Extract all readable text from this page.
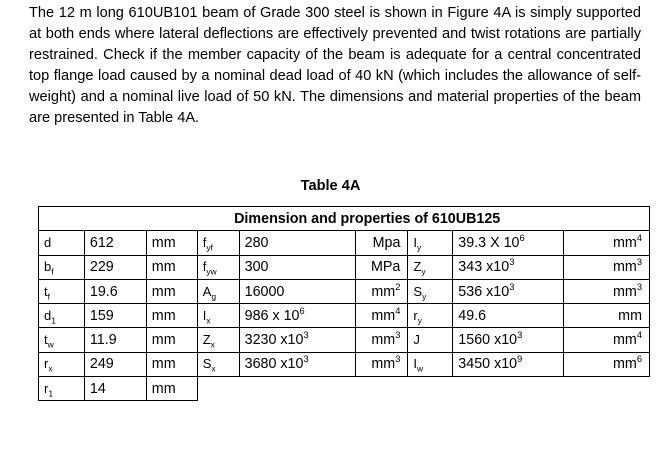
The 12 m long 610UB101 beam of Grade 300 steel is shown in Figure 4A is simply supported at both ends where lateral deflections are effectively prevented and twist rotations are partially restrained. Check if the member capacity of the beam is adequate for a central concentrated top flange load caused by a nominal dead load of 40 kN (which includes the allowance of self-weight) and a nominal live load of 50 kN. The dimensions and material properties of the beam are presented in Table 4A.

Table 4A

	Dimension and properties of 610UB125							
d	612	mm	$f_{yf}$	280	Mpa	$I_y$	39.3 X $10^6$	$mm^4$
$b_f$	229	mm	$f_{yw}$	300	MPa	$Z_y$	343 $x10^3$	$mm^3$
$t_f$	19.6	mm	$A_g$	16000	$mm^2$	$S_y$	536 $x10^3$	$mm^3$
$d_1$	159	mm	$I_x$	986 x $10^6$	$mm^4$	$r_y$	49.6	mm
$t_w$	11.9	mm	$Z_x$	3230 $x10^3$	$mm^3$	J	1560 $x10^3$	$mm^4$
$r_x$	249	mm	$S_x$	3680 $x10^3$	$mm^3$	$I_w$	3450 $x10^9$	$mm^6$
$r_1$	14	mm						
